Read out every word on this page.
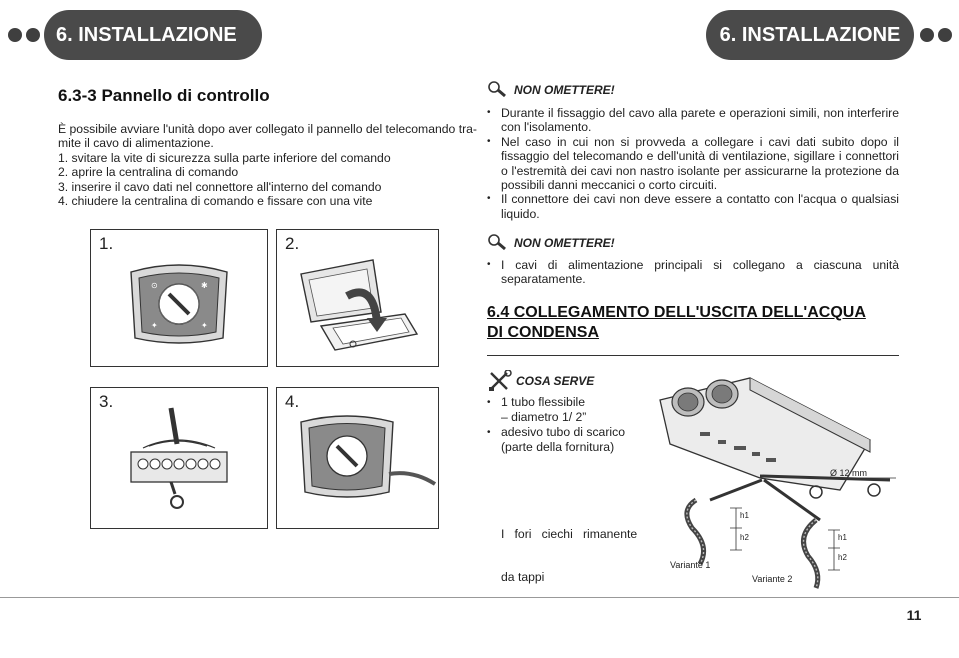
6. INSTALLAZIONE	6. INSTALLAZIONE
6.3-3 Pannello di controllo
È possibile avviare l'unità dopo aver collegato il pannello del telecomando tra-
mite il cavo di alimentazione.
1. svitare la vite di sicurezza sulla parte inferiore del comando
2. aprire la centralina di comando
3. inserire il cavo dati nel connettore all'interno del comando
4. chiudere la centralina di comando e fissare con una vite
1.
⊙	✱
✦	✦
2.
3.	4.
NON OMETTERE!
• Durante il fissaggio del cavo alla parete e operazioni simili, non interferire con l'isolamento.
• Nel caso in cui non si provveda a collegare i cavi dati subito dopo il fissaggio del telecomando e dell'unità di ventilazione, sigillare i connettori o l'estremità dei cavi non nastro isolante per assicurarne la protezione da possibili danni meccanici o corto circuiti.
• Il connettore dei cavi non deve essere a contatto con l'acqua o qualsiasi liquido.
NON OMETTERE!
• I cavi di alimentazione principali si collegano a ciascuna unità separatamente.
6.4 COLLEGAMENTO DELL'USCITA DELL'ACQUA
DI CONDENSA
COSA SERVE
• 1 tubo flessibile
– diametro 1/ 2”
• adesivo tubo di scarico
(parte della fornitura)

I   fori   ciechi   rimanente

da tappi

Ø 12 mm
h1
h2	h1
h2
Variante 1
Variante 2
11
